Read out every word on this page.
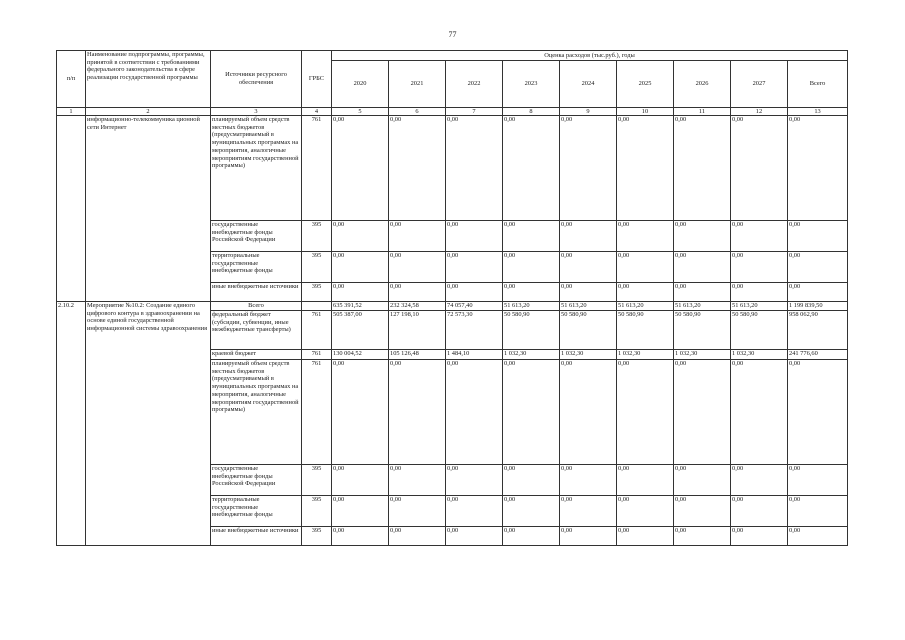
77
п/п	Наименование подпрограммы, программы, принятой в соответствии с требованиями федерального законодательства в сфере реализации государственной программы	Источники ресурсного обеспечения	ГРБС	Оценка расходов (тыс.руб.), годы								
				2020	2021	2022	2023	2024	2025	2026	2027	Всего
1	2	3	4	5	6	7	8	9	10	11	12	13
	информационно-телекоммуника ционной сети Интернет	планируемый объем средств местных бюджетов (предусматриваемый в муниципальных программах на мероприятия, аналогичные мероприятиям государственной программы)	761	0,00	0,00	0,00	0,00	0,00	0,00	0,00	0,00	0,00
		государственные внебюджетные фонды Российской Федерации	395	0,00	0,00	0,00	0,00	0,00	0,00	0,00	0,00	0,00
		территориальные государственные внебюджетные фонды	395	0,00	0,00	0,00	0,00	0,00	0,00	0,00	0,00	0,00
		иные внебюджетные источники	395	0,00	0,00	0,00	0,00	0,00	0,00	0,00	0,00	0,00
2.10.2	Мероприятие №10.2: Создание единого цифрового контура в здравоохранении на основе единой государственной информационной системы здравоохранения	Всего		635 391,52	232 324,58	74 057,40	51 613,20	51 613,20	51 613,20	51 613,20	51 613,20	1 199 839,50
		федеральный бюджет (субсидии, субвенции, иные межбюджетные трансферты)	761	505 387,00	127 198,10	72 573,30	50 580,90	50 580,90	50 580,90	50 580,90	50 580,90	958 062,90
		краевой бюджет	761	130 004,52	105 126,48	1 484,10	1 032,30	1 032,30	1 032,30	1 032,30	1 032,30	241 776,60
		планируемый объем средств местных бюджетов (предусматриваемый в муниципальных программах на мероприятия, аналогичные мероприятиям государственной программы)	761	0,00	0,00	0,00	0,00	0,00	0,00	0,00	0,00	0,00
		государственные внебюджетные фонды Российской Федерации	395	0,00	0,00	0,00	0,00	0,00	0,00	0,00	0,00	0,00
		территориальные государственные внебюджетные фонды	395	0,00	0,00	0,00	0,00	0,00	0,00	0,00	0,00	0,00
		иные внебюджетные источники	395	0,00	0,00	0,00	0,00	0,00	0,00	0,00	0,00	0,00
